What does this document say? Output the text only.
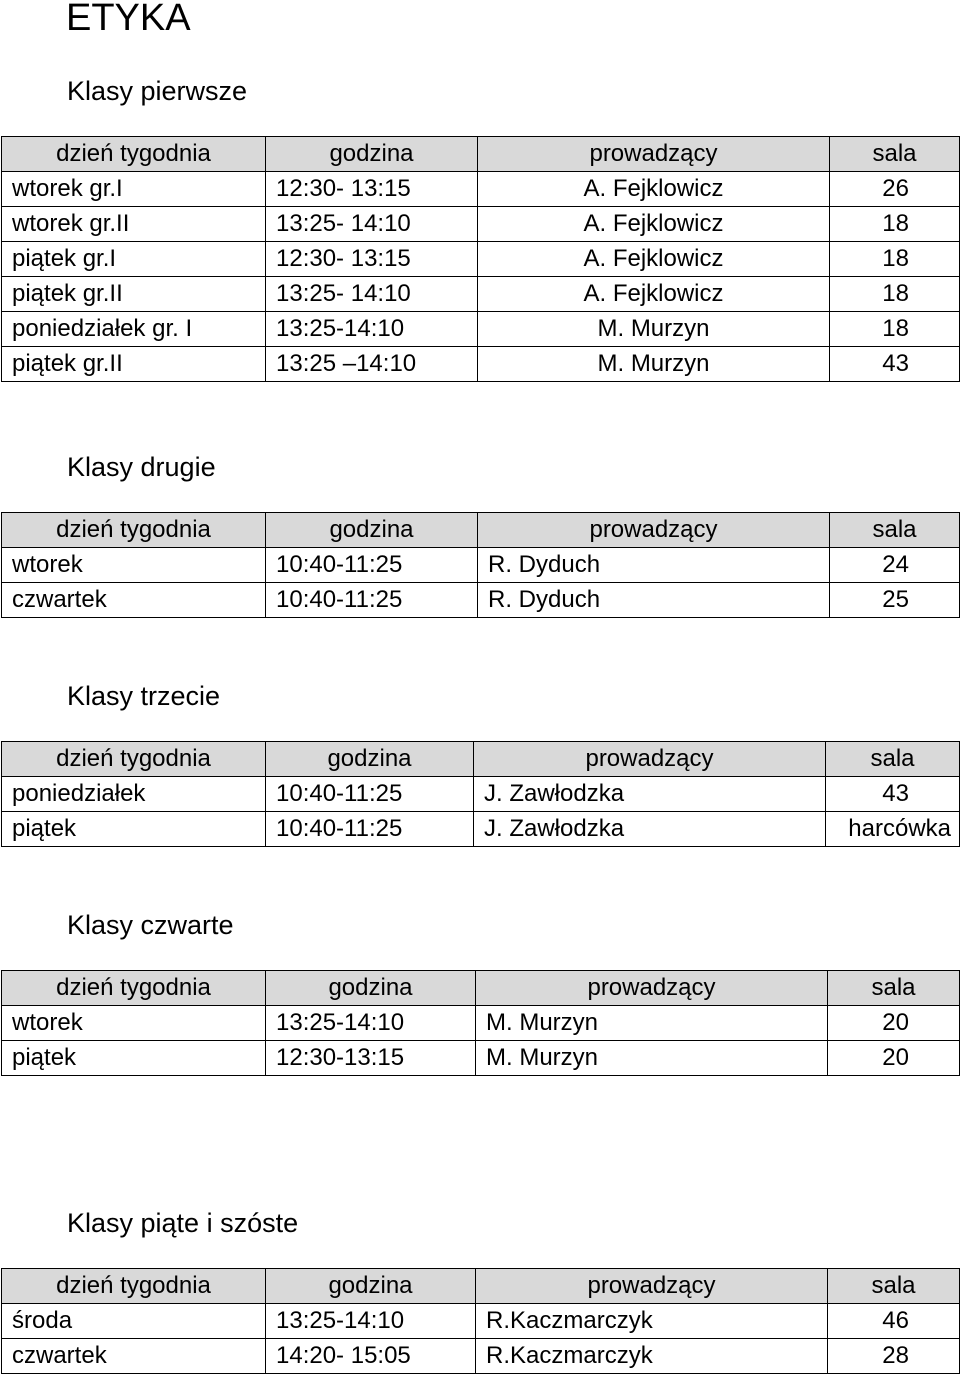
ETYKA
Klasy pierwsze
dzień tygodnia	godzina	prowadzący	sala
wtorek gr.I	12:30- 13:15	A. Fejklowicz	26
wtorek gr.II	13:25- 14:10	A. Fejklowicz	18
piątek gr.I	12:30- 13:15	A. Fejklowicz	18
piątek gr.II	13:25- 14:10	A. Fejklowicz	18
poniedziałek gr. I	13:25-14:10	M. Murzyn	18
piątek gr.II	13:25 –14:10	M. Murzyn	43
Klasy drugie
dzień tygodnia	godzina	prowadzący	sala
wtorek	10:40-11:25	R. Dyduch	24
czwartek	10:40-11:25	R. Dyduch	25
Klasy trzecie
dzień tygodnia	godzina	prowadzący	sala
poniedziałek	10:40-11:25	J. Zawłodzka	43
piątek	10:40-11:25	J. Zawłodzka	harcówka
Klasy czwarte
dzień tygodnia	godzina	prowadzący	sala
wtorek	13:25-14:10	M. Murzyn	20
piątek	12:30-13:15	M. Murzyn	20
Klasy piąte i szóste
dzień tygodnia	godzina	prowadzący	sala
środa	13:25-14:10	R.Kaczmarczyk	46
czwartek	14:20- 15:05	R.Kaczmarczyk	28
